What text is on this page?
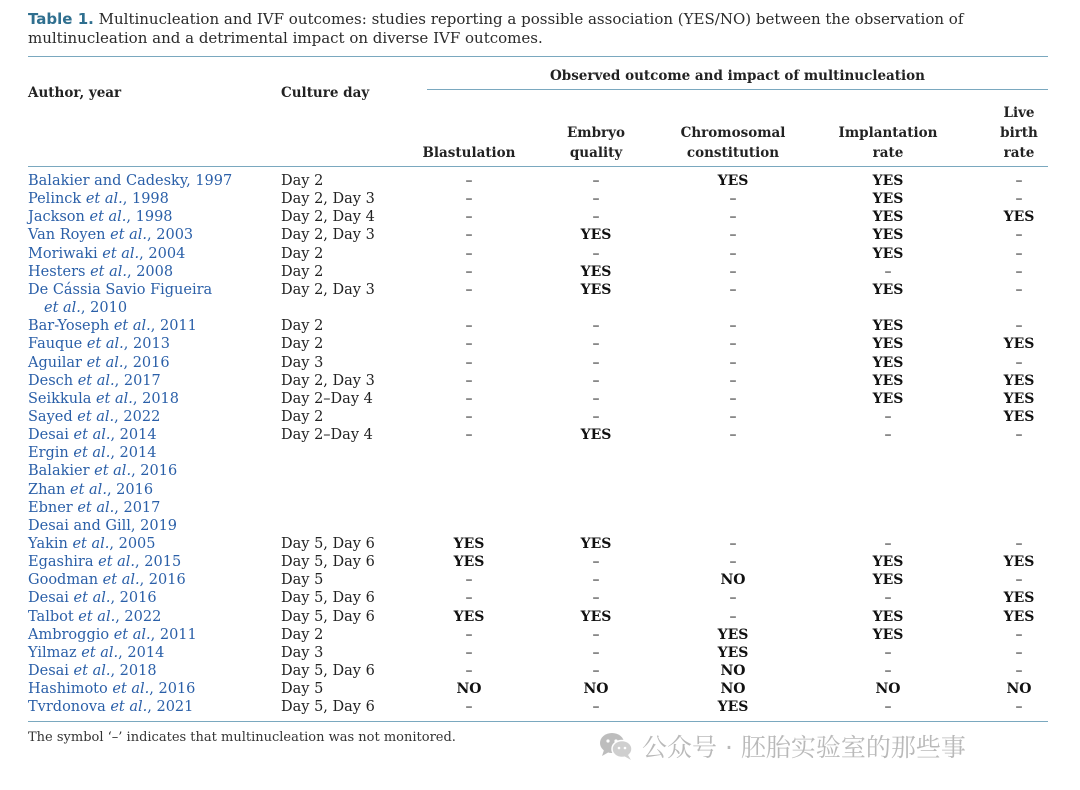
Table 1. Multinucleation and IVF outcomes: studies reporting a possible association (YES/NO) between the observation of multinucleation and a detrimental impact on diverse IVF outcomes.
Author, year	Culture day
Observed outcome and impact of multinucleation
Blastulation
Embryo
quality
Chromosomal
constitution
Implantation
rate
Live
birth
rate
Balakier and Cadesky, 1997	Day 2	–	–	YES	YES	–
Pelinck et al., 1998	Day 2, Day 3	–	–	–	YES	–
Jackson et al., 1998	Day 2, Day 4	–	–	–	YES	YES
Van Royen et al., 2003	Day 2, Day 3	–	YES	–	YES	–
Moriwaki et al., 2004	Day 2	–	–	–	YES	–
Hesters et al., 2008	Day 2	–	YES	–	–	–
De Cássia Savio Figueira	Day 2, Day 3	–	YES	–	YES	–
et al., 2010
Bar-Yoseph et al., 2011	Day 2	–	–	–	YES	–
Fauque et al., 2013	Day 2	–	–	–	YES	YES
Aguilar et al., 2016	Day 3	–	–	–	YES	–
Desch et al., 2017	Day 2, Day 3	–	–	–	YES	YES
Seikkula et al., 2018	Day 2–Day 4	–	–	–	YES	YES
Sayed et al., 2022	Day 2	–	–	–	–	YES
Desai et al., 2014	Day 2–Day 4	–	YES	–	–	–
Ergin et al., 2014
Balakier et al., 2016
Zhan et al., 2016
Ebner et al., 2017
Desai and Gill, 2019
Yakin et al., 2005	Day 5, Day 6	YES	YES	–	–	–
Egashira et al., 2015	Day 5, Day 6	YES	–	–	YES	YES
Goodman et al., 2016	Day 5	–	–	NO	YES	–
Desai et al., 2016	Day 5, Day 6	–	–	–	–	YES
Talbot et al., 2022	Day 5, Day 6	YES	YES	–	YES	YES
Ambroggio et al., 2011	Day 2	–	–	YES	YES	–
Yilmaz et al., 2014	Day 3	–	–	YES	–	–
Desai et al., 2018	Day 5, Day 6	–	–	NO	–	–
Hashimoto et al., 2016	Day 5	NO	NO	NO	NO	NO
Tvrdonova et al., 2021	Day 5, Day 6	–	–	YES	–	–
The symbol ‘–’ indicates that multinucleation was not monitored.	公众号 · 胚胎实验室的那些事
